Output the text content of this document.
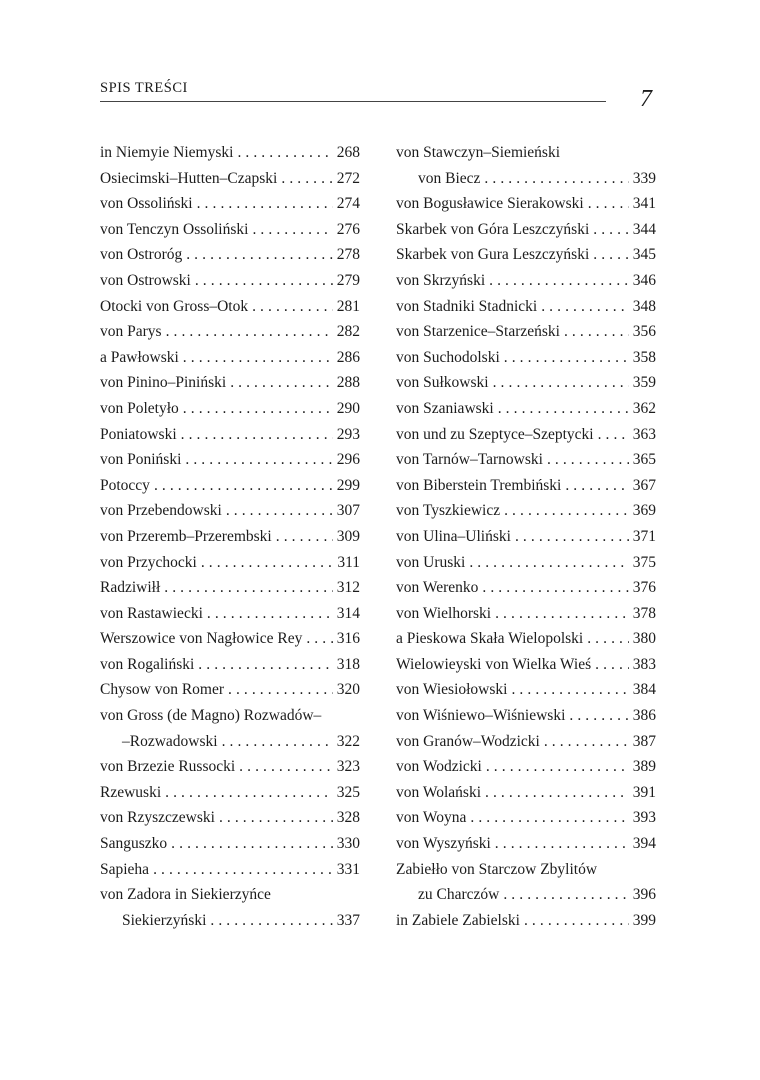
SPIS TREŚCI	7
in Niemyie Niemyski . . .	268
Osiecimski–Hutten–Czapski . . .	272
von Ossoliński . . .	274
von Tenczyn Ossoliński . . .	276
von Ostroróg . . .	278
von Ostrowski . . .	279
Otocki von Gross–Otok . . .	281
von Parys . . .	282
a Pawłowski . . .	286
von Pinino–Piniński . . .	288
von Poletyło . . .	290
Poniatowski . . .	293
von Poniński . . .	296
Potoccy . . .	299
von Przebendowski . . .	307
von Przeremb–Przerembski . . .	309
von Przychocki . . .	311
Radziwiłł . . .	312
von Rastawiecki . . .	314
Werszowice von Nagłowice Rey . . . 316
von Rogaliński . . .	318
Chysow von Romer . . .	320
von Gross (de Magno) Rozwadów–
–Rozwadowski . . .	322
von Brzezie Russocki . . .	323
Rzewuski . . .	325
von Rzyszczewski . . .	328
Sanguszko . . .	330
Sapieha . . .	331
von Zadora in Siekierzyńce
Siekierzyński . . .	337
von Stawczyn–Siemieński
von Biecz . . .	339
von Bogusławice Sierakowski . . .	341
Skarbek von Góra Leszczyński . . .	344
Skarbek von Gura Leszczyński . . .	345
von Skrzyński . . .	346
von Stadniki Stadnicki . . .	348
von Starzenice–Starzeński . . .	356
von Suchodolski . . .	358
von Sułkowski . . .	359
von Szaniawski . . .	362
von und zu Szeptyce–Szeptycki . . .	363
von Tarnów–Tarnowski . . .	365
von Biberstein Trembiński . . .	367
von Tyszkiewicz . . .	369
von Ulina–Uliński . . .	371
von Uruski . . .	375
von Werenko . . .	376
von Wielhorski . . .	378
a Pieskowa Skała Wielopolski . . .	380
Wielowieyski von Wielka Wieś . . .	383
von Wiesiołowski . . .	384
von Wiśniewo–Wiśniewski . . .	386
von Granów–Wodzicki . . .	387
von Wodzicki . . .	389
von Wolański . . .	391
von Woyna . . .	393
von Wyszyński . . .	394
Zabiełło von Starczow Zbylitów
zu Charczów . . .	396
in Zabiele Zabielski . . .	399
